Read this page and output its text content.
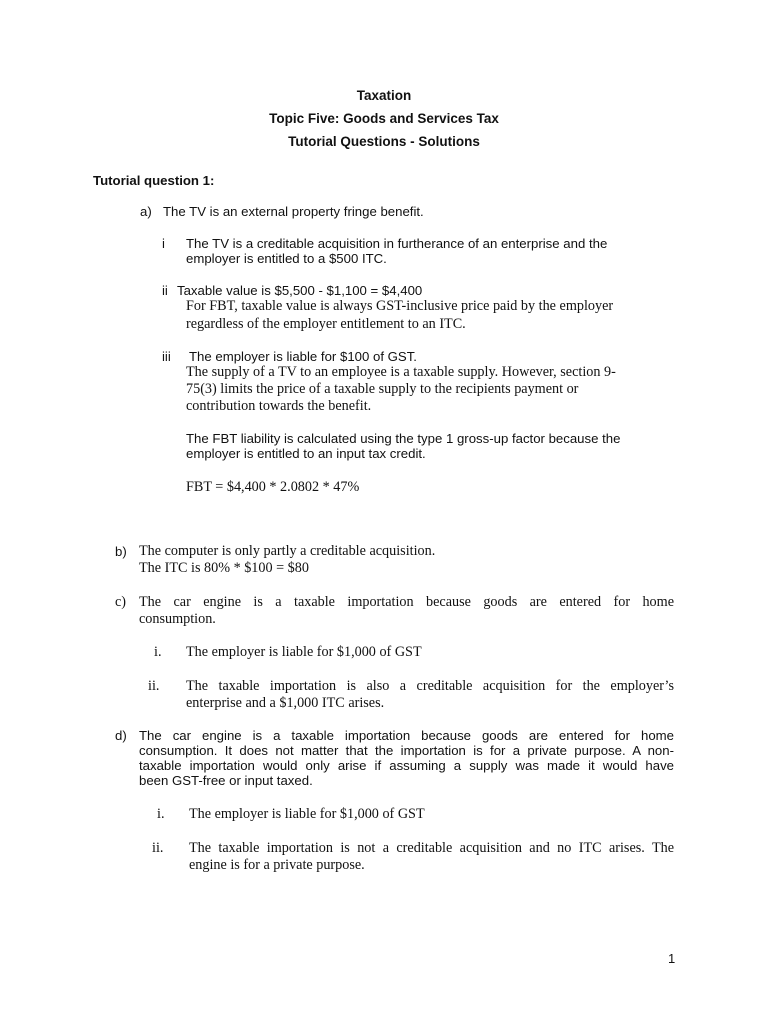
Taxation
Topic Five: Goods and Services Tax
Tutorial Questions - Solutions
Tutorial question 1:
a) The TV is an external property fringe benefit.
i The TV is a creditable acquisition in furtherance of an enterprise and the
employer is entitled to a $500 ITC.
ii Taxable value is $5,500 - $1,100 = $4,400
For FBT, taxable value is always GST-inclusive price paid by the employer
regardless of the employer entitlement to an ITC.
iii The employer is liable for $100 of GST.
The supply of a TV to an employee is a taxable supply. However, section 9-
75(3) limits the price of a taxable supply to the recipients payment or
contribution towards the benefit.
The FBT liability is calculated using the type 1 gross-up factor because the
employer is entitled to an input tax credit.
FBT = $4,400 * 2.0802 * 47%
b) The computer is only partly a creditable acquisition.
The ITC is 80% * $100 = $80
c) The car engine is a taxable importation because goods are entered for home
consumption.
i. The employer is liable for $1,000 of GST
ii. The taxable importation is also a creditable acquisition for the employer’s
enterprise and a $1,000 ITC arises.
d) The car engine is a taxable importation because goods are entered for home
consumption. It does not matter that the importation is for a private purpose. A non-
taxable importation would only arise if assuming a supply was made it would have
been GST-free or input taxed.
i. The employer is liable for $1,000 of GST
ii. The taxable importation is not a creditable acquisition and no ITC arises. The
engine is for a private purpose.
1
